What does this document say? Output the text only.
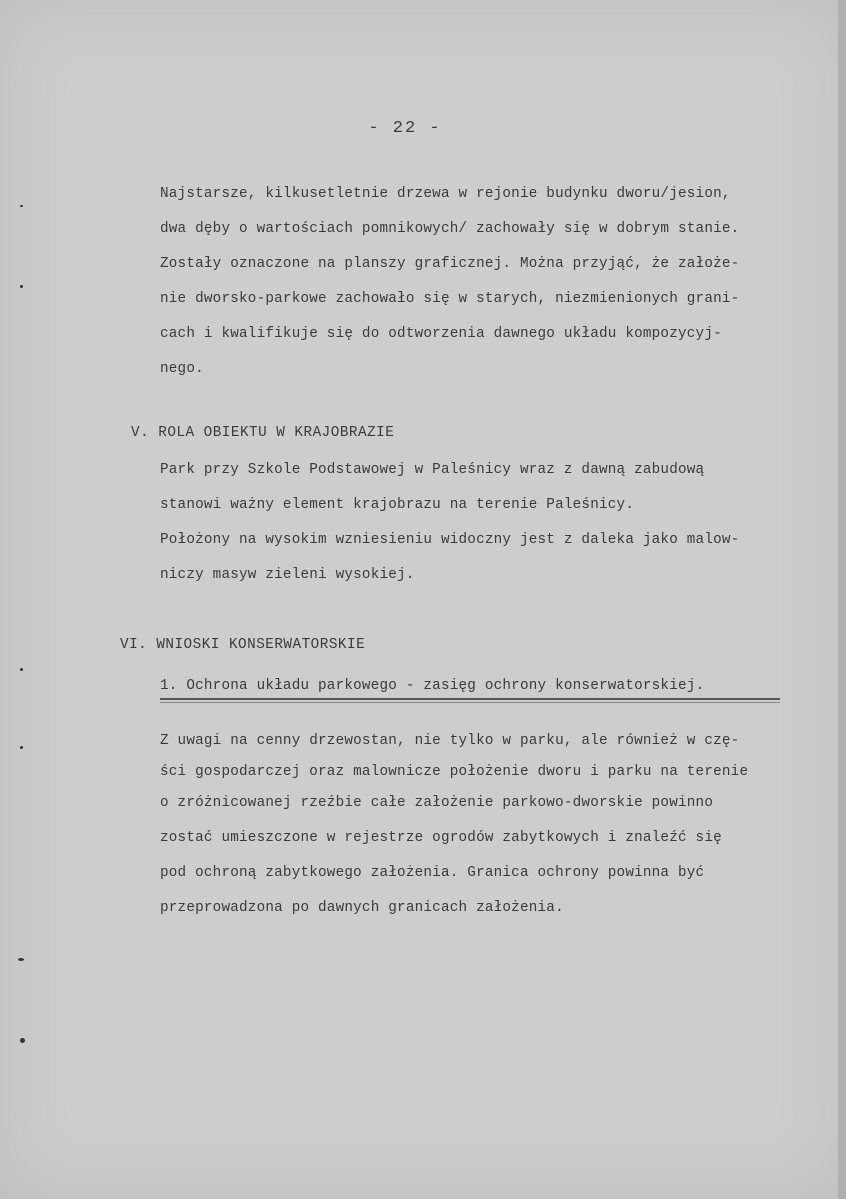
- 22 -
Najstarsze, kilkusetletnie drzewa w rejonie budynku dworu/jesion,
dwa dęby o wartościach pomnikowych/ zachowały się w dobrym stanie.
Zostały oznaczone na planszy graficznej. Można przyjąć, że założe-
nie dworsko-parkowe zachowało się w starych, niezmienionych grani-
cach i kwalifikuje się do odtworzenia dawnego układu kompozycyj-
nego.
V. ROLA OBIEKTU W KRAJOBRAZIE
Park przy Szkole Podstawowej w Paleśnicy wraz z dawną zabudową
stanowi ważny element krajobrazu na terenie Paleśnicy.
Położony na wysokim wzniesieniu widoczny jest z daleka jako malow-
niczy masyw zieleni wysokiej.
VI. WNIOSKI KONSERWATORSKIE
1. Ochrona układu parkowego - zasięg ochrony konserwatorskiej.
Z uwagi na cenny drzewostan, nie tylko w parku, ale również w czę-
ści gospodarczej oraz malownicze położenie dworu i parku na terenie
o zróżnicowanej rzeźbie całe założenie parkowo-dworskie powinno
zostać umieszczone w rejestrze ogrodów zabytkowych i znaleźć się
pod ochroną zabytkowego założenia. Granica ochrony powinna być
przeprowadzona po dawnych granicach założenia.
